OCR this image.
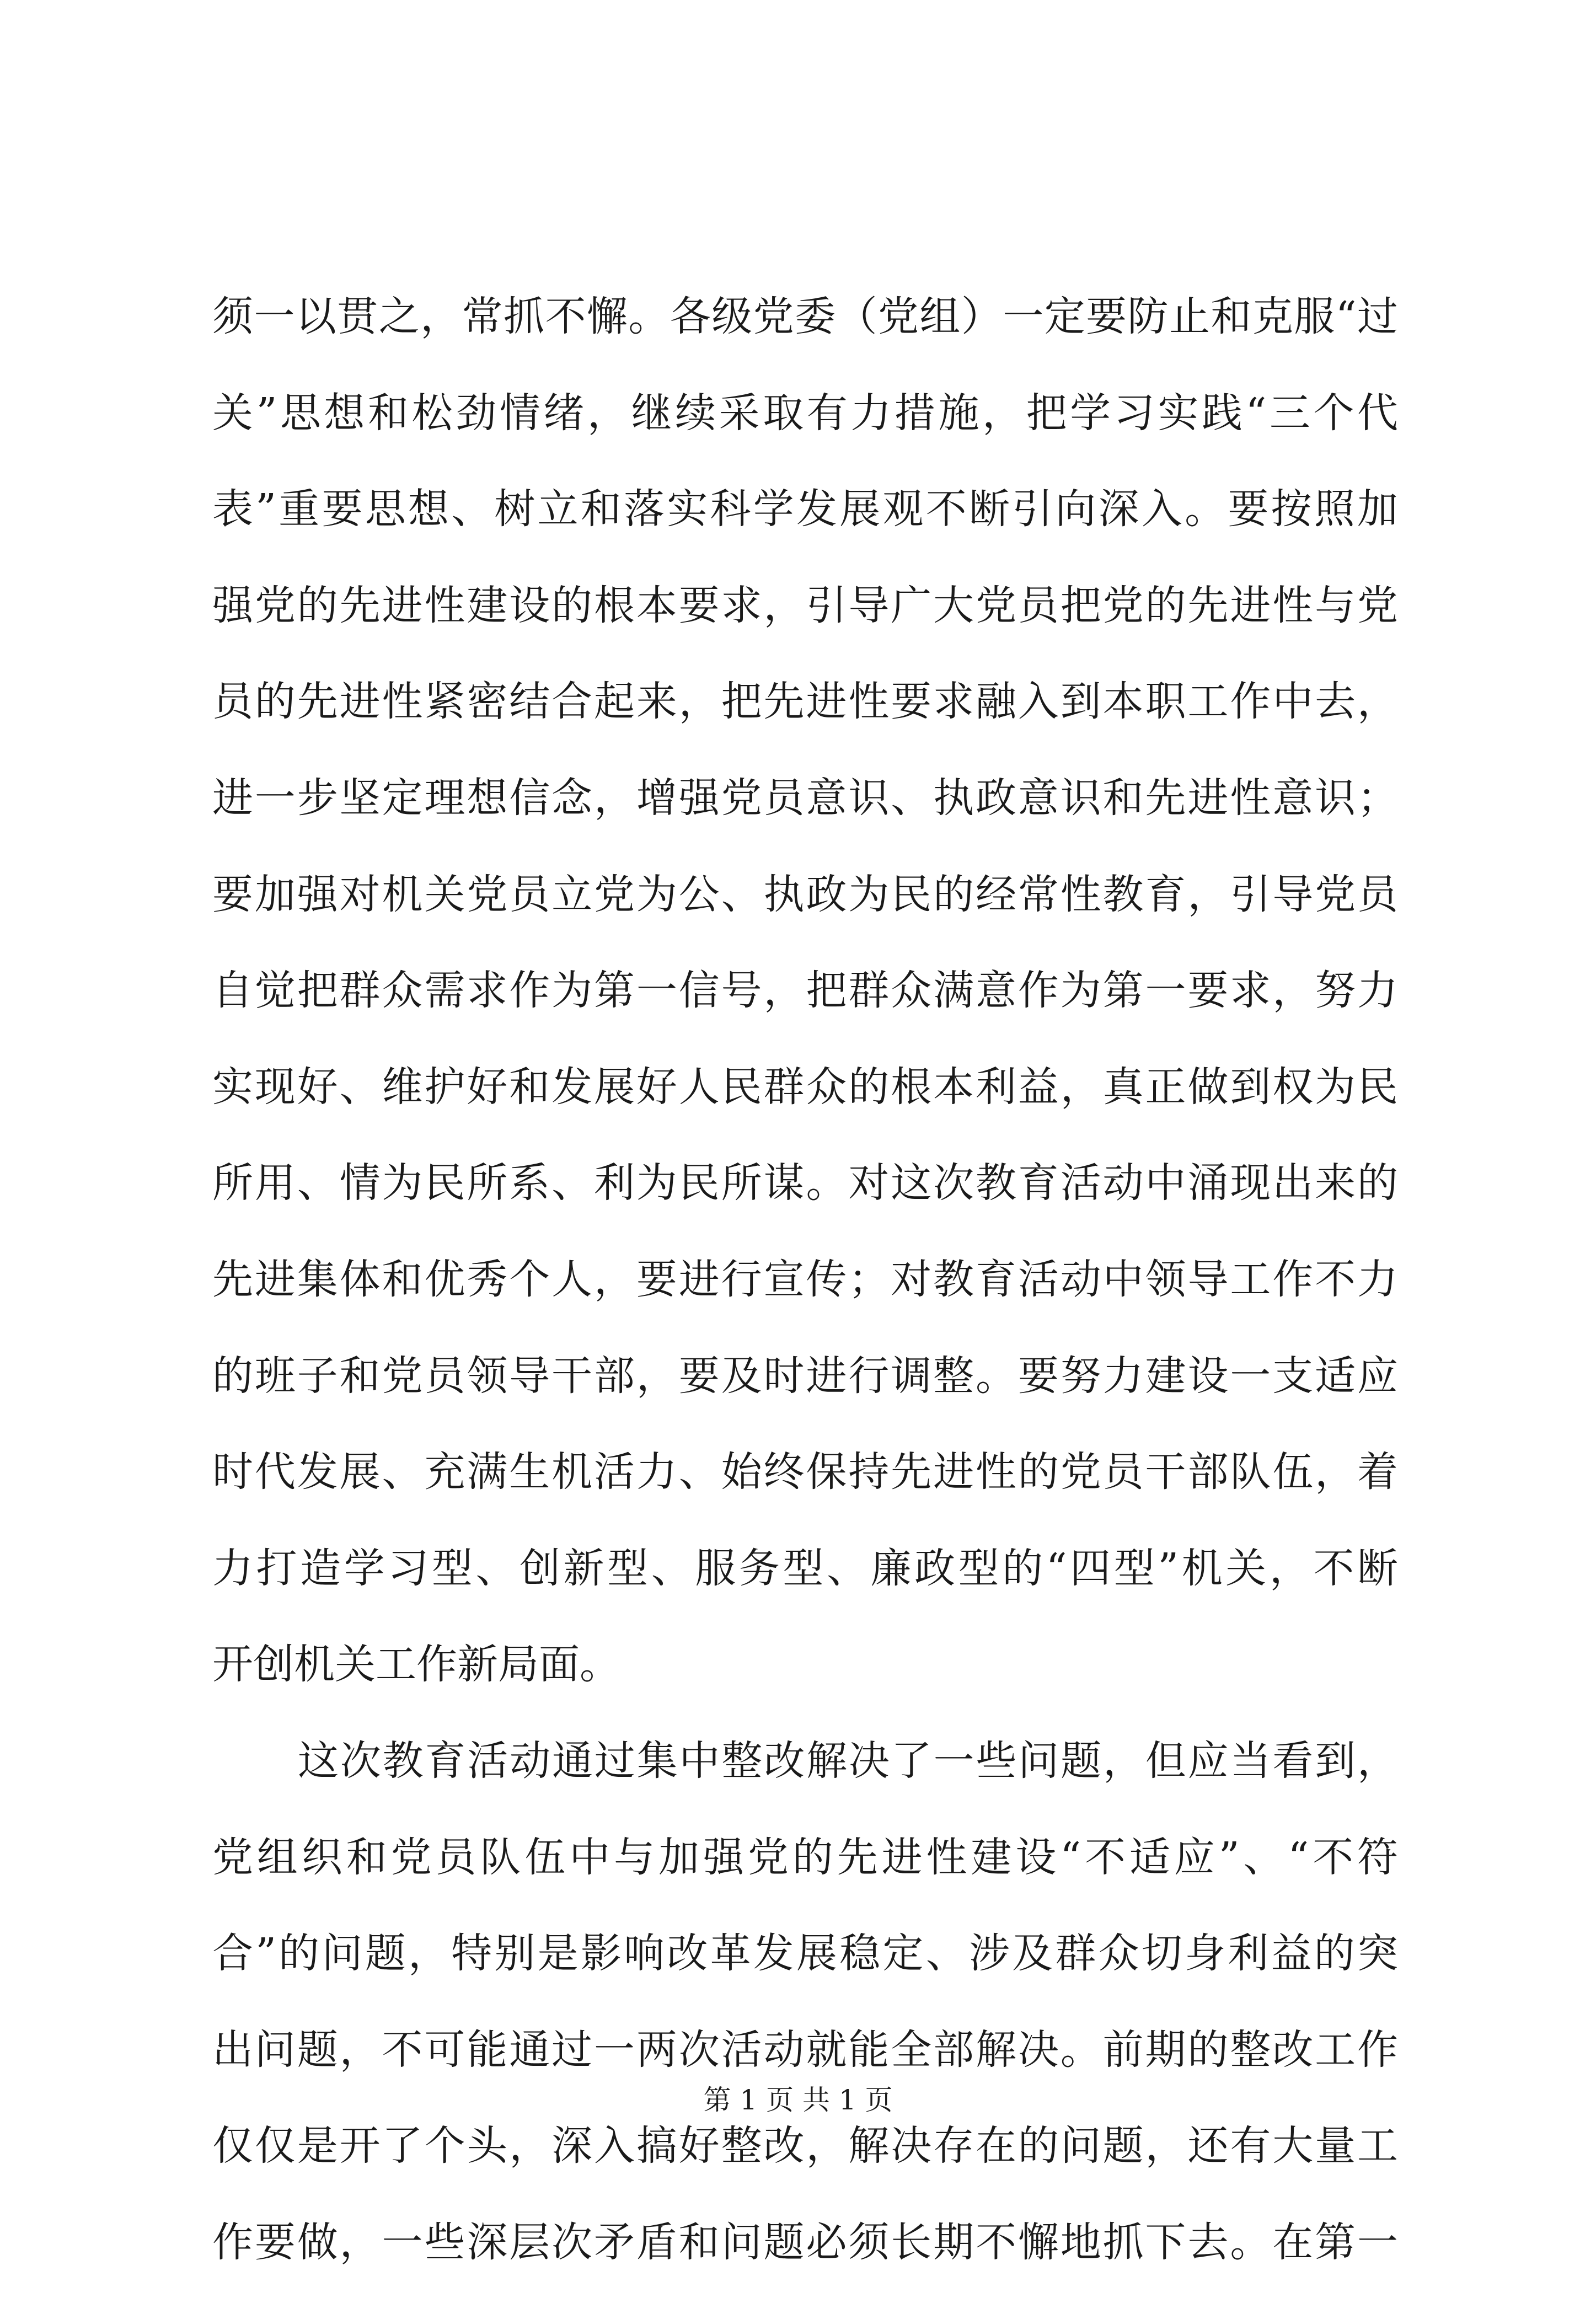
须一以贯之，常抓不懈。各级党委（党组）一定要防止和克服“过
关”思想和松劲情绪，继续采取有力措施，把学习实践“三个代
表”重要思想、树立和落实科学发展观不断引向深入。要按照加
强党的先进性建设的根本要求，引导广大党员把党的先进性与党
员的先进性紧密结合起来，把先进性要求融入到本职工作中去，
进一步坚定理想信念，增强党员意识、执政意识和先进性意识；
要加强对机关党员立党为公、执政为民的经常性教育，引导党员
自觉把群众需求作为第一信号，把群众满意作为第一要求，努力
实现好、维护好和发展好人民群众的根本利益，真正做到权为民
所用、情为民所系、利为民所谋。对这次教育活动中涌现出来的
先进集体和优秀个人，要进行宣传；对教育活动中领导工作不力
的班子和党员领导干部，要及时进行调整。要努力建设一支适应
时代发展、充满生机活力、始终保持先进性的党员干部队伍，着
力打造学习型、创新型、服务型、廉政型的“四型”机关，不断
开创机关工作新局面。
这次教育活动通过集中整改解决了一些问题，但应当看到，
党组织和党员队伍中与加强党的先进性建设“不适应”、“不符
合”的问题，特别是影响改革发展稳定、涉及群众切身利益的突
出问题，不可能通过一两次活动就能全部解决。前期的整改工作
仅仅是开了个头，深入搞好整改，解决存在的问题，还有大量工
作要做，一些深层次矛盾和问题必须长期不懈地抓下去。在第一
第 1 页 共 1 页
